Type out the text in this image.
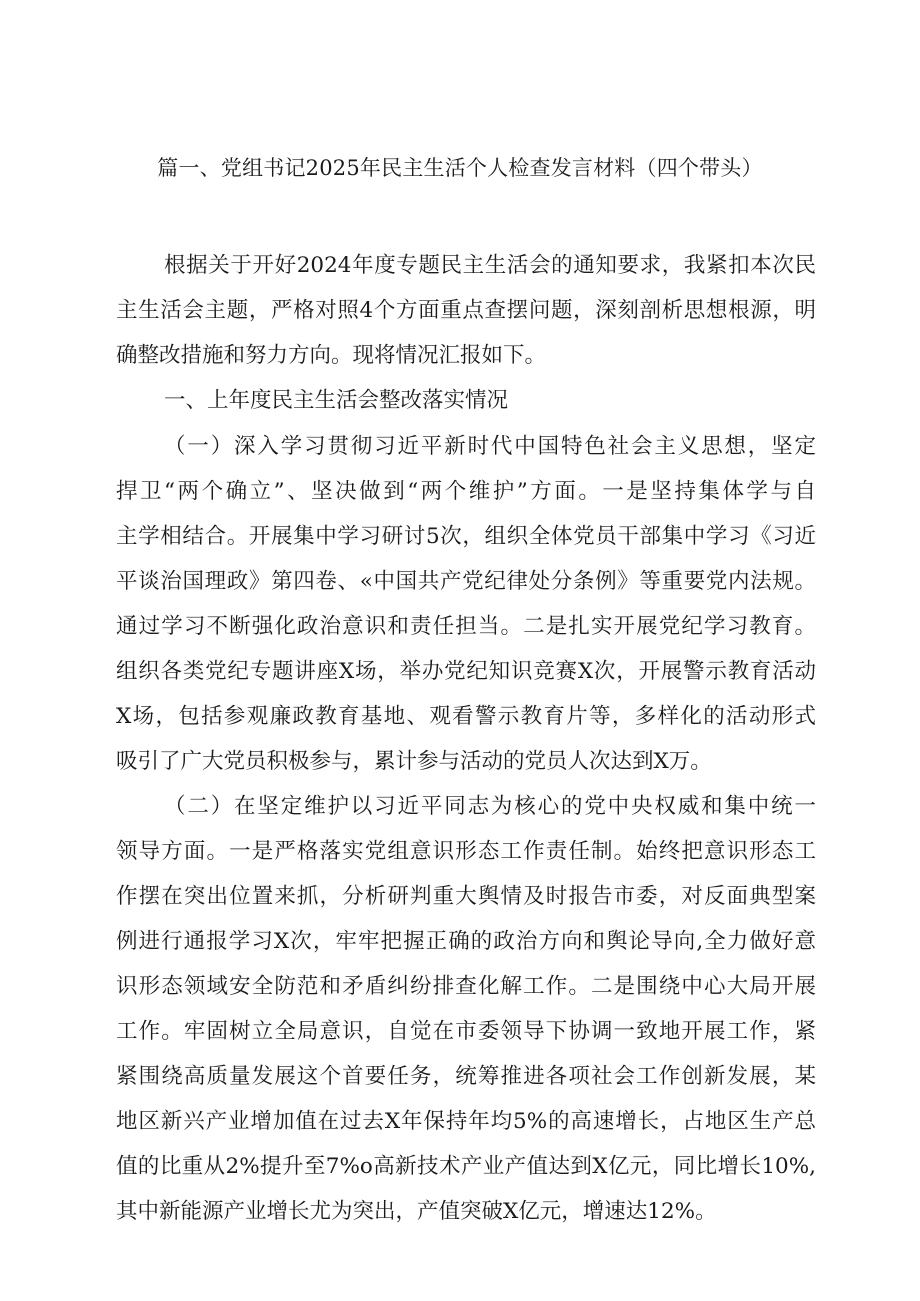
篇一、党组书记2025年民主生活个人检查发言材料（四个带头）
根据关于开好2024年度专题民主生活会的通知要求，我紧扣本次民
主生活会主题，严格对照4个方面重点查摆问题，深刻剖析思想根源，明
确整改措施和努力方向。现将情况汇报如下。
一、上年度民主生活会整改落实情况
（一）深入学习贯彻习近平新时代中国特色社会主义思想，坚定
捍卫“两个确立”、坚决做到“两个维护”方面。一是坚持集体学与自
主学相结合。开展集中学习研讨5次，组织全体党员干部集中学习《习近
平谈治国理政》第四卷、«中国共产党纪律处分条例》等重要党内法规。
通过学习不断强化政治意识和责任担当。二是扎实开展党纪学习教育。
组织各类党纪专题讲座X场，举办党纪知识竞赛X次，开展警示教育活动
X场，包括参观廉政教育基地、观看警示教育片等，多样化的活动形式
吸引了广大党员积极参与，累计参与活动的党员人次达到X万。
（二）在坚定维护以习近平同志为核心的党中央权威和集中统一
领导方面。一是严格落实党组意识形态工作责任制。始终把意识形态工
作摆在突出位置来抓，分析研判重大舆情及时报告市委，对反面典型案
例进行通报学习X次，牢牢把握正确的政治方向和舆论导向,全力做好意
识形态领域安全防范和矛盾纠纷排查化解工作。二是围绕中心大局开展
工作。牢固树立全局意识，自觉在市委领导下协调一致地开展工作，紧
紧围绕高质量发展这个首要任务，统筹推进各项社会工作创新发展，某
地区新兴产业增加值在过去X年保持年均5%的高速增长，占地区生产总
值的比重从2%提升至7%o高新技术产业产值达到X亿元，同比增长10%,
其中新能源产业增长尤为突出，产值突破X亿元，增速达12%。
